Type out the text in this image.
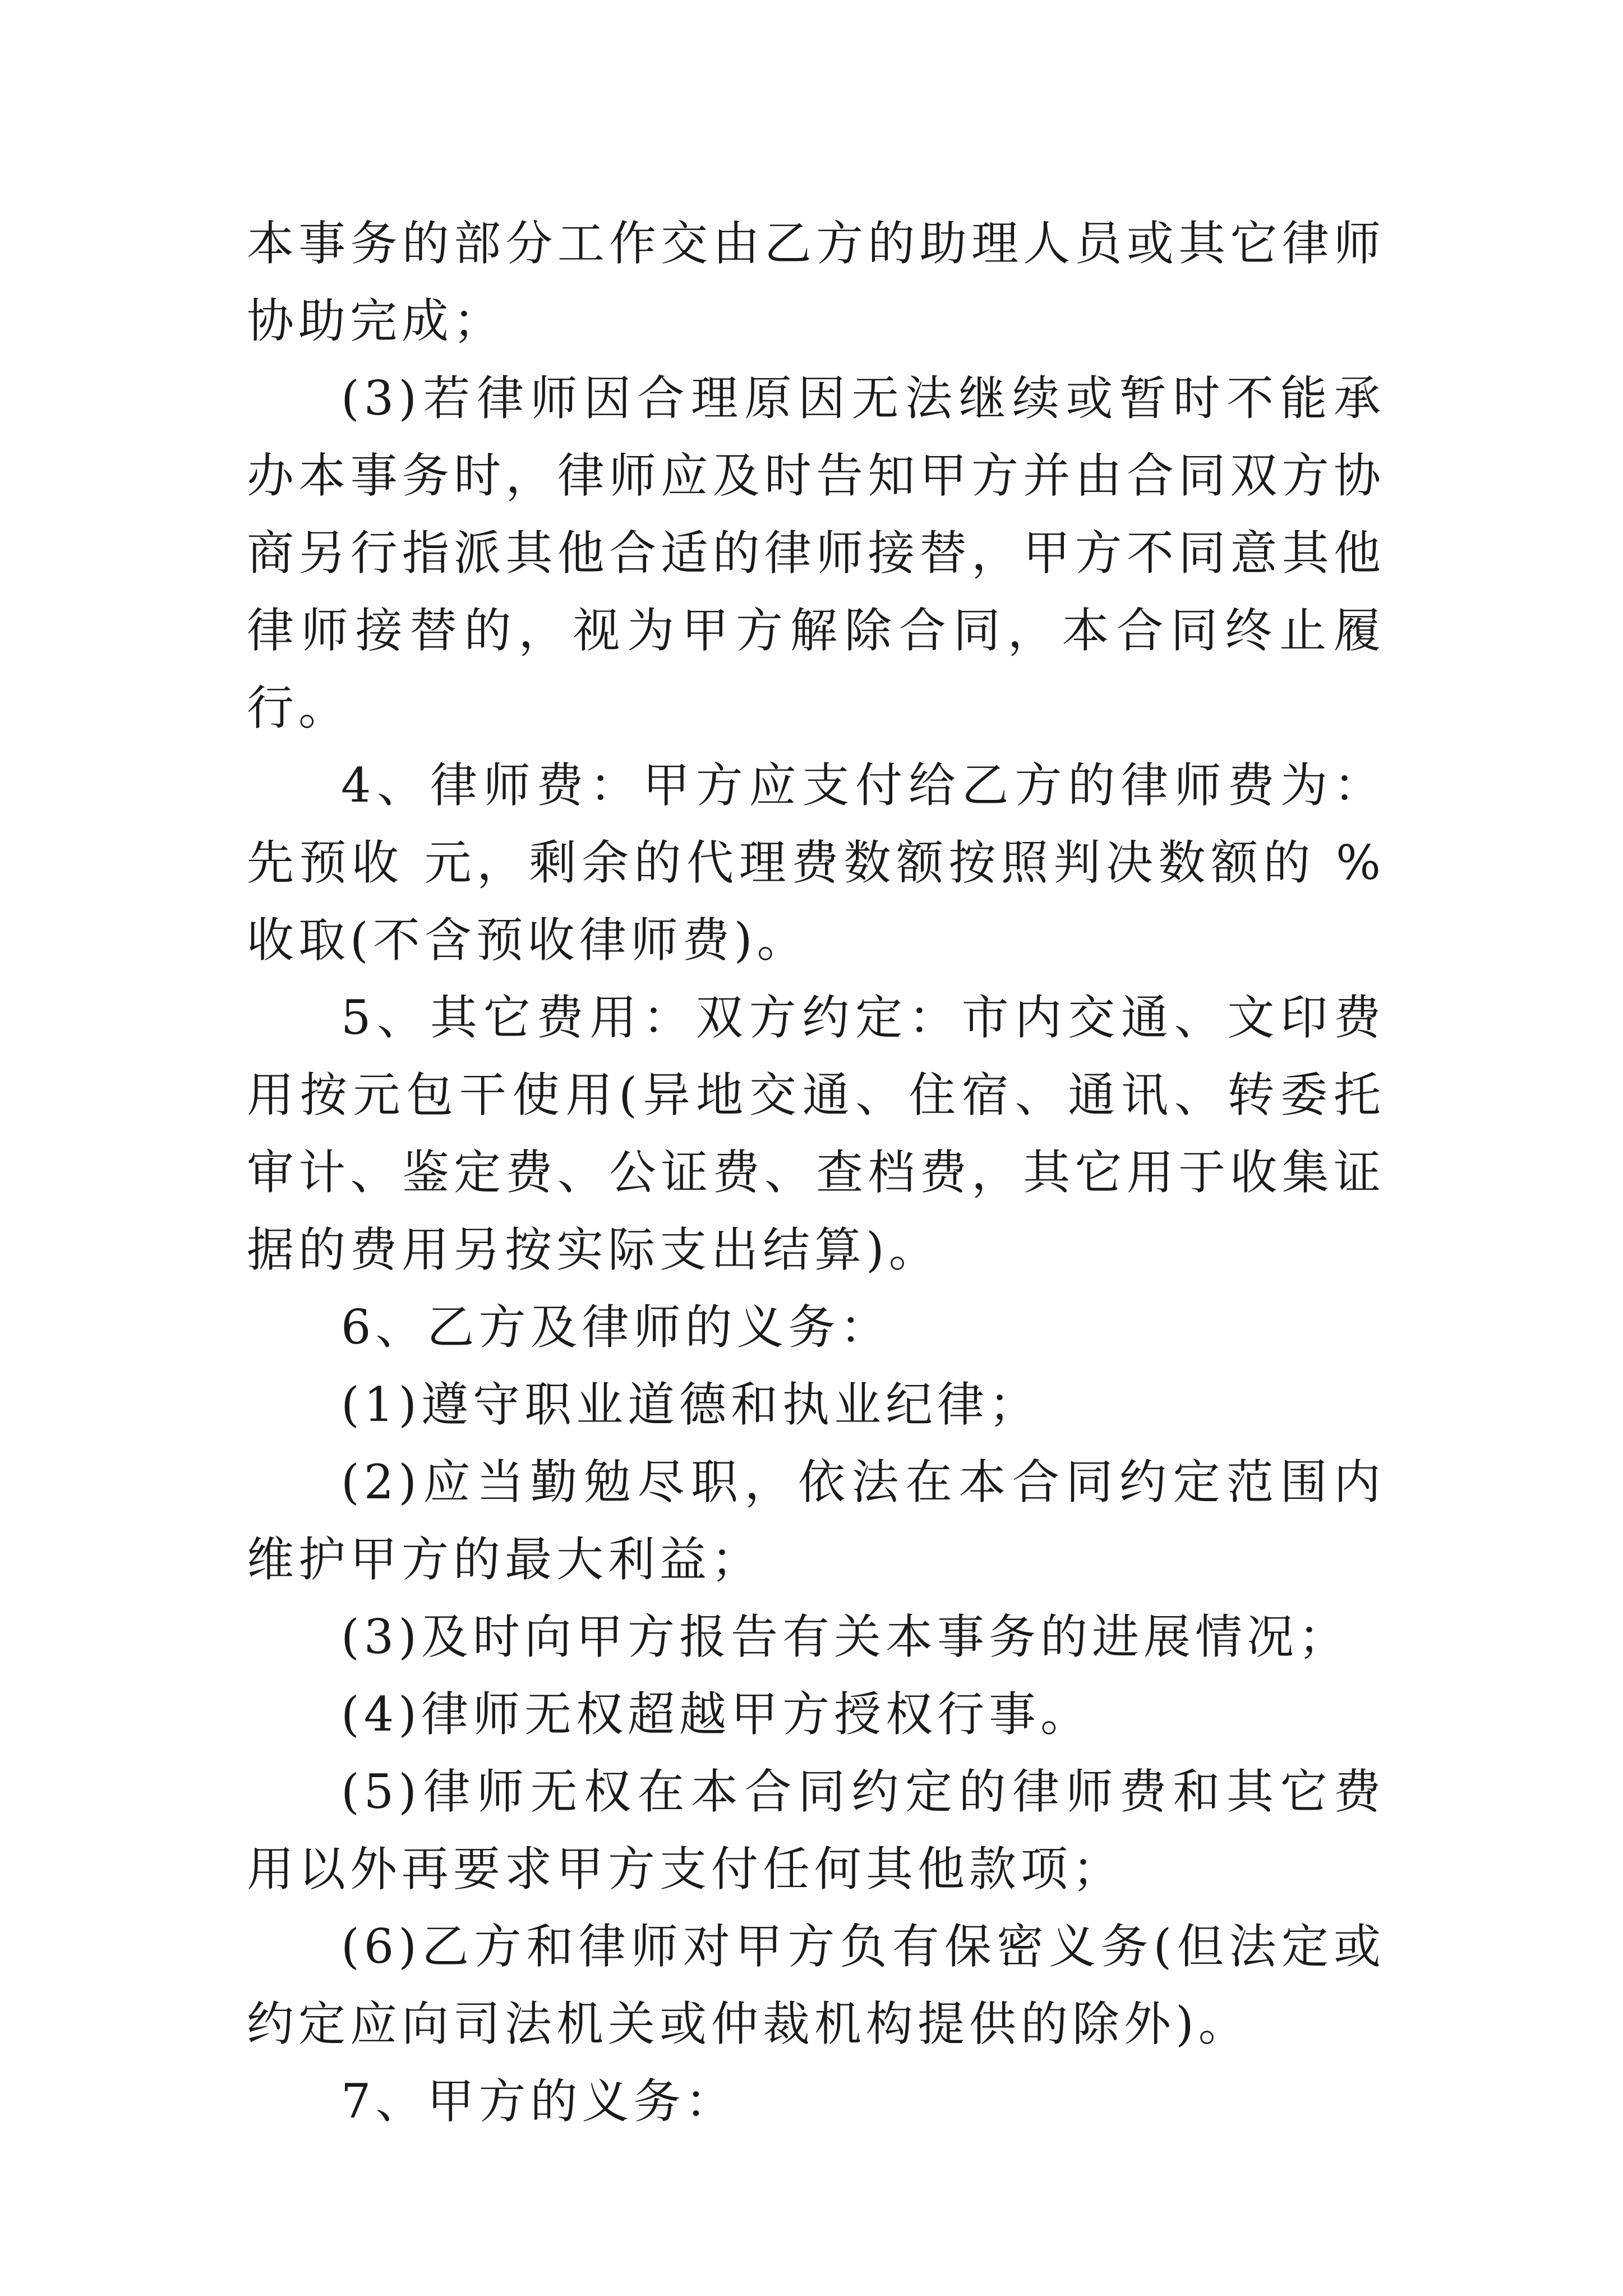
本事务的部分工作交由乙方的助理人员或其它律师协助完成；

(3)若律师因合理原因无法继续或暂时不能承办本事务时，律师应及时告知甲方并由合同双方协商另行指派其他合适的律师接替，甲方不同意其他律师接替的，视为甲方解除合同，本合同终止履行。

4、律师费：甲方应支付给乙方的律师费为：先预收 元，剩余的代理费数额按照判决数额的 %收取(不含预收律师费)。

5、其它费用：双方约定：市内交通、文印费用按元包干使用(异地交通、住宿、通讯、转委托审计、鉴定费、公证费、查档费，其它用于收集证据的费用另按实际支出结算)。

6、乙方及律师的义务：

(1)遵守职业道德和执业纪律；

(2)应当勤勉尽职，依法在本合同约定范围内维护甲方的最大利益；

(3)及时向甲方报告有关本事务的进展情况；

(4)律师无权超越甲方授权行事。

(5)律师无权在本合同约定的律师费和其它费用以外再要求甲方支付任何其他款项；

(6)乙方和律师对甲方负有保密义务(但法定或约定应向司法机关或仲裁机构提供的除外)。

7、甲方的义务：
